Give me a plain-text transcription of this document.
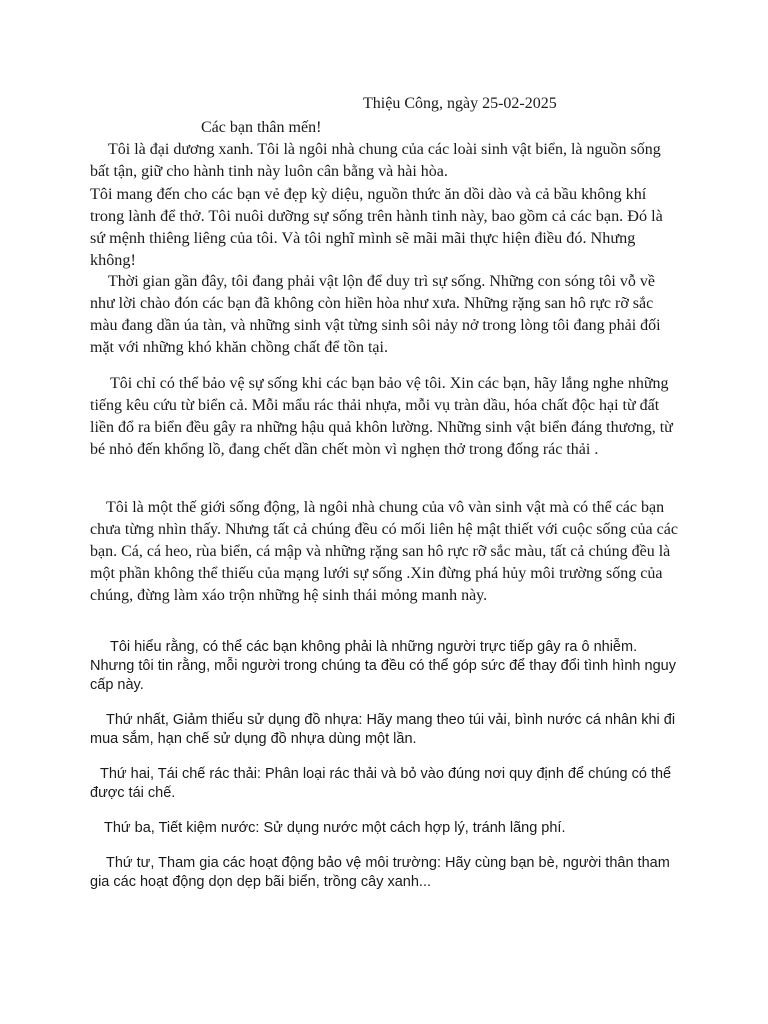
Thiệu Công, ngày 25-02-2025

Các bạn thân mến!

Tôi là đại dương xanh. Tôi là ngôi nhà chung của các loài sinh vật biển, là nguồn sống bất tận, giữ cho hành tinh này luôn cân bằng và hài hòa.

Tôi mang đến cho các bạn vẻ đẹp kỳ diệu, nguồn thức ăn dồi dào và cả bầu không khí trong lành để thở. Tôi nuôi dưỡng sự sống trên hành tinh này, bao gồm cả các bạn. Đó là sứ mệnh thiêng liêng của tôi. Và tôi nghĩ mình sẽ mãi mãi thực hiện điều đó. Nhưng không!

Thời gian gần đây, tôi đang phải vật lộn để duy trì sự sống. Những con sóng tôi vỗ về như lời chào đón các bạn đã không còn hiền hòa như xưa. Những rặng san hô rực rỡ sắc màu đang dần úa tàn, và những sinh vật từng sinh sôi nảy nở trong lòng tôi đang phải đối mặt với những khó khăn chồng chất để tồn tại.

Tôi chỉ có thể bảo vệ sự sống khi các bạn bảo vệ tôi. Xin các bạn, hãy lắng nghe những tiếng kêu cứu từ biển cả. Mỗi mẩu rác thải nhựa, mỗi vụ tràn dầu, hóa chất độc hại từ đất liền đổ ra biển đều gây ra những hậu quả khôn lường. Những sinh vật biển đáng thương, từ bé nhỏ đến khổng lồ, đang chết dần chết mòn vì nghẹn thở trong đống rác thải .

Tôi là một thế giới sống động, là ngôi nhà chung của vô vàn sinh vật mà có thể các bạn chưa từng nhìn thấy. Nhưng tất cả chúng đều có mối liên hệ mật thiết với cuộc sống của các bạn. Cá, cá heo, rùa biển, cá mập và những rặng san hô rực rỡ sắc màu, tất cả chúng đều là một phần không thể thiếu của mạng lưới sự sống .Xin đừng phá hủy môi trường sống của chúng, đừng làm xáo trộn những hệ sinh thái mỏng manh này.

Tôi hiểu rằng, có thể các bạn không phải là những người trực tiếp gây ra ô nhiễm. Nhưng tôi tin rằng, mỗi người trong chúng ta đều có thể góp sức để thay đổi tình hình nguy cấp này.

Thứ nhất, Giảm thiểu sử dụng đồ nhựa: Hãy mang theo túi vải, bình nước cá nhân khi đi mua sắm, hạn chế sử dụng đồ nhựa dùng một lần.

Thứ hai, Tái chế rác thải: Phân loại rác thải và bỏ vào đúng nơi quy định để chúng có thể được tái chế.

Thứ ba, Tiết kiệm nước: Sử dụng nước một cách hợp lý, tránh lãng phí.

Thứ tư, Tham gia các hoạt động bảo vệ môi trường: Hãy cùng bạn bè, người thân tham gia các hoạt động dọn dẹp bãi biển, trồng cây xanh...
